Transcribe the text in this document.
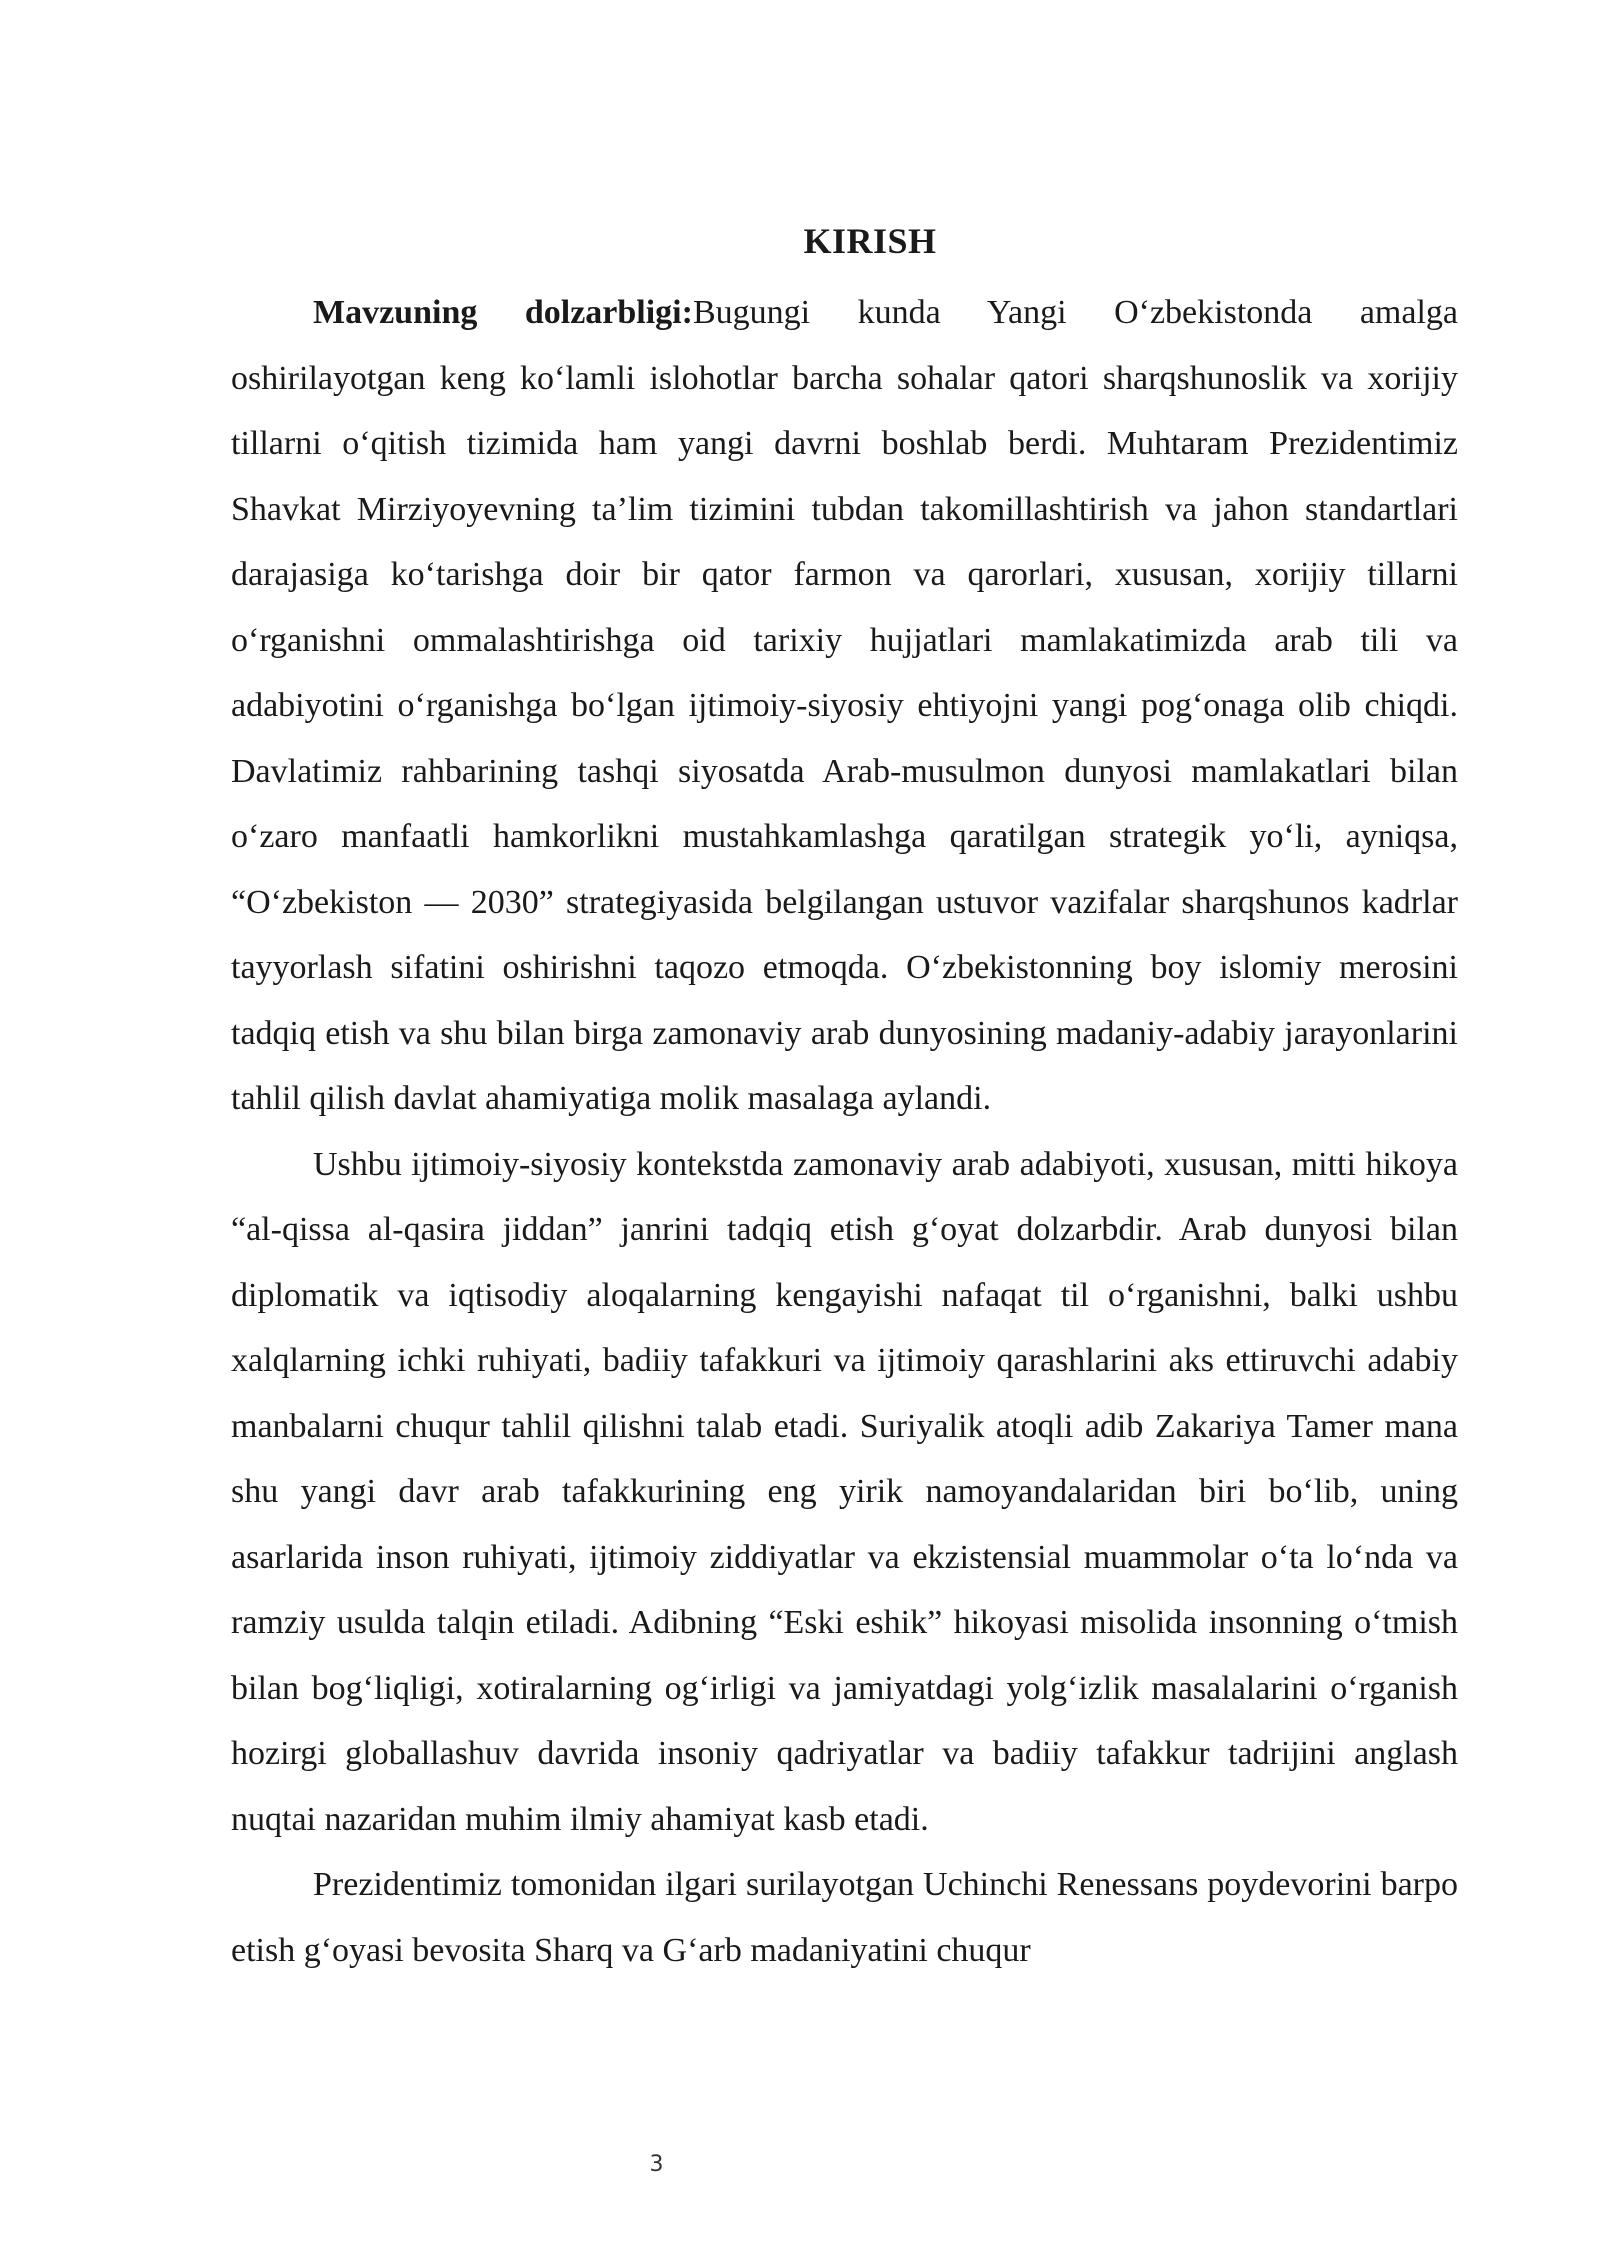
KIRISH

Mavzuning dolzarbligi:Bugungi kunda Yangi O‘zbekistonda amalga oshirilayotgan keng ko‘lamli islohotlar barcha sohalar qatori sharqshunoslik va xorijiy tillarni o‘qitish tizimida ham yangi davrni boshlab berdi. Muhtaram Prezidentimiz Shavkat Mirziyoyevning ta’lim tizimini tubdan takomillashtirish va jahon standartlari darajasiga ko‘tarishga doir bir qator farmon va qarorlari, xususan, xorijiy tillarni o‘rganishni ommalashtirishga oid tarixiy hujjatlari mamlakatimizda arab tili va adabiyotini o‘rganishga bo‘lgan ijtimoiy-siyosiy ehtiyojni yangi pog‘onaga olib chiqdi. Davlatimiz rahbarining tashqi siyosatda Arab-musulmon dunyosi mamlakatlari bilan o‘zaro manfaatli hamkorlikni mustahkamlashga qaratilgan strategik yo‘li, ayniqsa, “O‘zbekiston — 2030” strategiyasida belgilangan ustuvor vazifalar sharqshunos kadrlar tayyorlash sifatini oshirishni taqozo etmoqda. O‘zbekistonning boy islomiy merosini tadqiq etish va shu bilan birga zamonaviy arab dunyosining madaniy-adabiy jarayonlarini tahlil qilish davlat ahamiyatiga molik masalaga aylandi.

Ushbu ijtimoiy-siyosiy kontekstda zamonaviy arab adabiyoti, xususan, mitti hikoya “al-qissa al-qasira jiddan” janrini tadqiq etish g‘oyat dolzarbdir. Arab dunyosi bilan diplomatik va iqtisodiy aloqalarning kengayishi nafaqat til o‘rganishni, balki ushbu xalqlarning ichki ruhiyati, badiiy tafakkuri va ijtimoiy qarashlarini aks ettiruvchi adabiy manbalarni chuqur tahlil qilishni talab etadi. Suriyalik atoqli adib Zakariya Tamer mana shu yangi davr arab tafakkurining eng yirik namoyandalaridan biri bo‘lib, uning asarlarida inson ruhiyati, ijtimoiy ziddiyatlar va ekzistensial muammolar o‘ta lo‘nda va ramziy usulda talqin etiladi. Adibning “Eski eshik” hikoyasi misolida insonning o‘tmish bilan bog‘liqligi, xotiralarning og‘irligi va jamiyatdagi yolg‘izlik masalalarini o‘rganish hozirgi globallashuv davrida insoniy qadriyatlar va badiiy tafakkur tadrijini anglash nuqtai nazaridan muhim ilmiy ahamiyat kasb etadi.

Prezidentimiz tomonidan ilgari surilayotgan Uchinchi Renessans poydevorini barpo etish g‘oyasi bevosita Sharq va G‘arb madaniyatini chuqur

3
